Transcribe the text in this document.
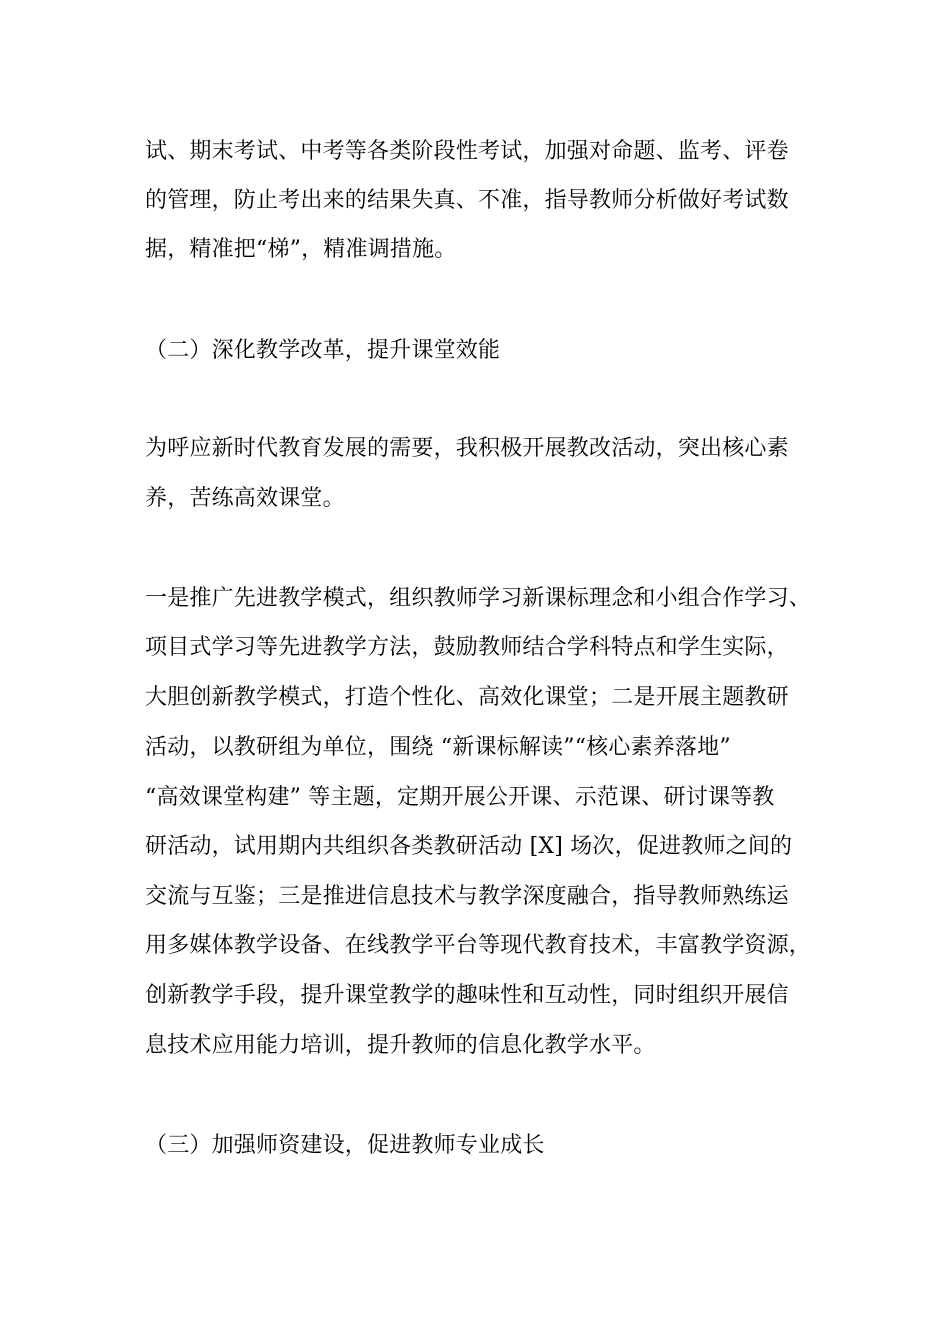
试、期末考试、中考等各类阶段性考试，加强对命题、监考、评卷
的管理，防止考出来的结果失真、不准，指导教师分析做好考试数
据，精准把“梯”，精准调措施。
（二）深化教学改革，提升课堂效能
为呼应新时代教育发展的需要，我积极开展教改活动，突出核心素
养，苦练高效课堂。
一是推广先进教学模式，组织教师学习新课标理念和小组合作学习、
项目式学习等先进教学方法，鼓励教师结合学科特点和学生实际，
大胆创新教学模式，打造个性化、高效化课堂；二是开展主题教研
活动，以教研组为单位，围绕 “新课标解读”“核心素养落地”
“高效课堂构建” 等主题，定期开展公开课、示范课、研讨课等教
研活动，试用期内共组织各类教研活动 [X] 场次，促进教师之间的
交流与互鉴；三是推进信息技术与教学深度融合，指导教师熟练运
用多媒体教学设备、在线教学平台等现代教育技术，丰富教学资源，
创新教学手段，提升课堂教学的趣味性和互动性，同时组织开展信
息技术应用能力培训，提升教师的信息化教学水平。
（三）加强师资建设，促进教师专业成长
